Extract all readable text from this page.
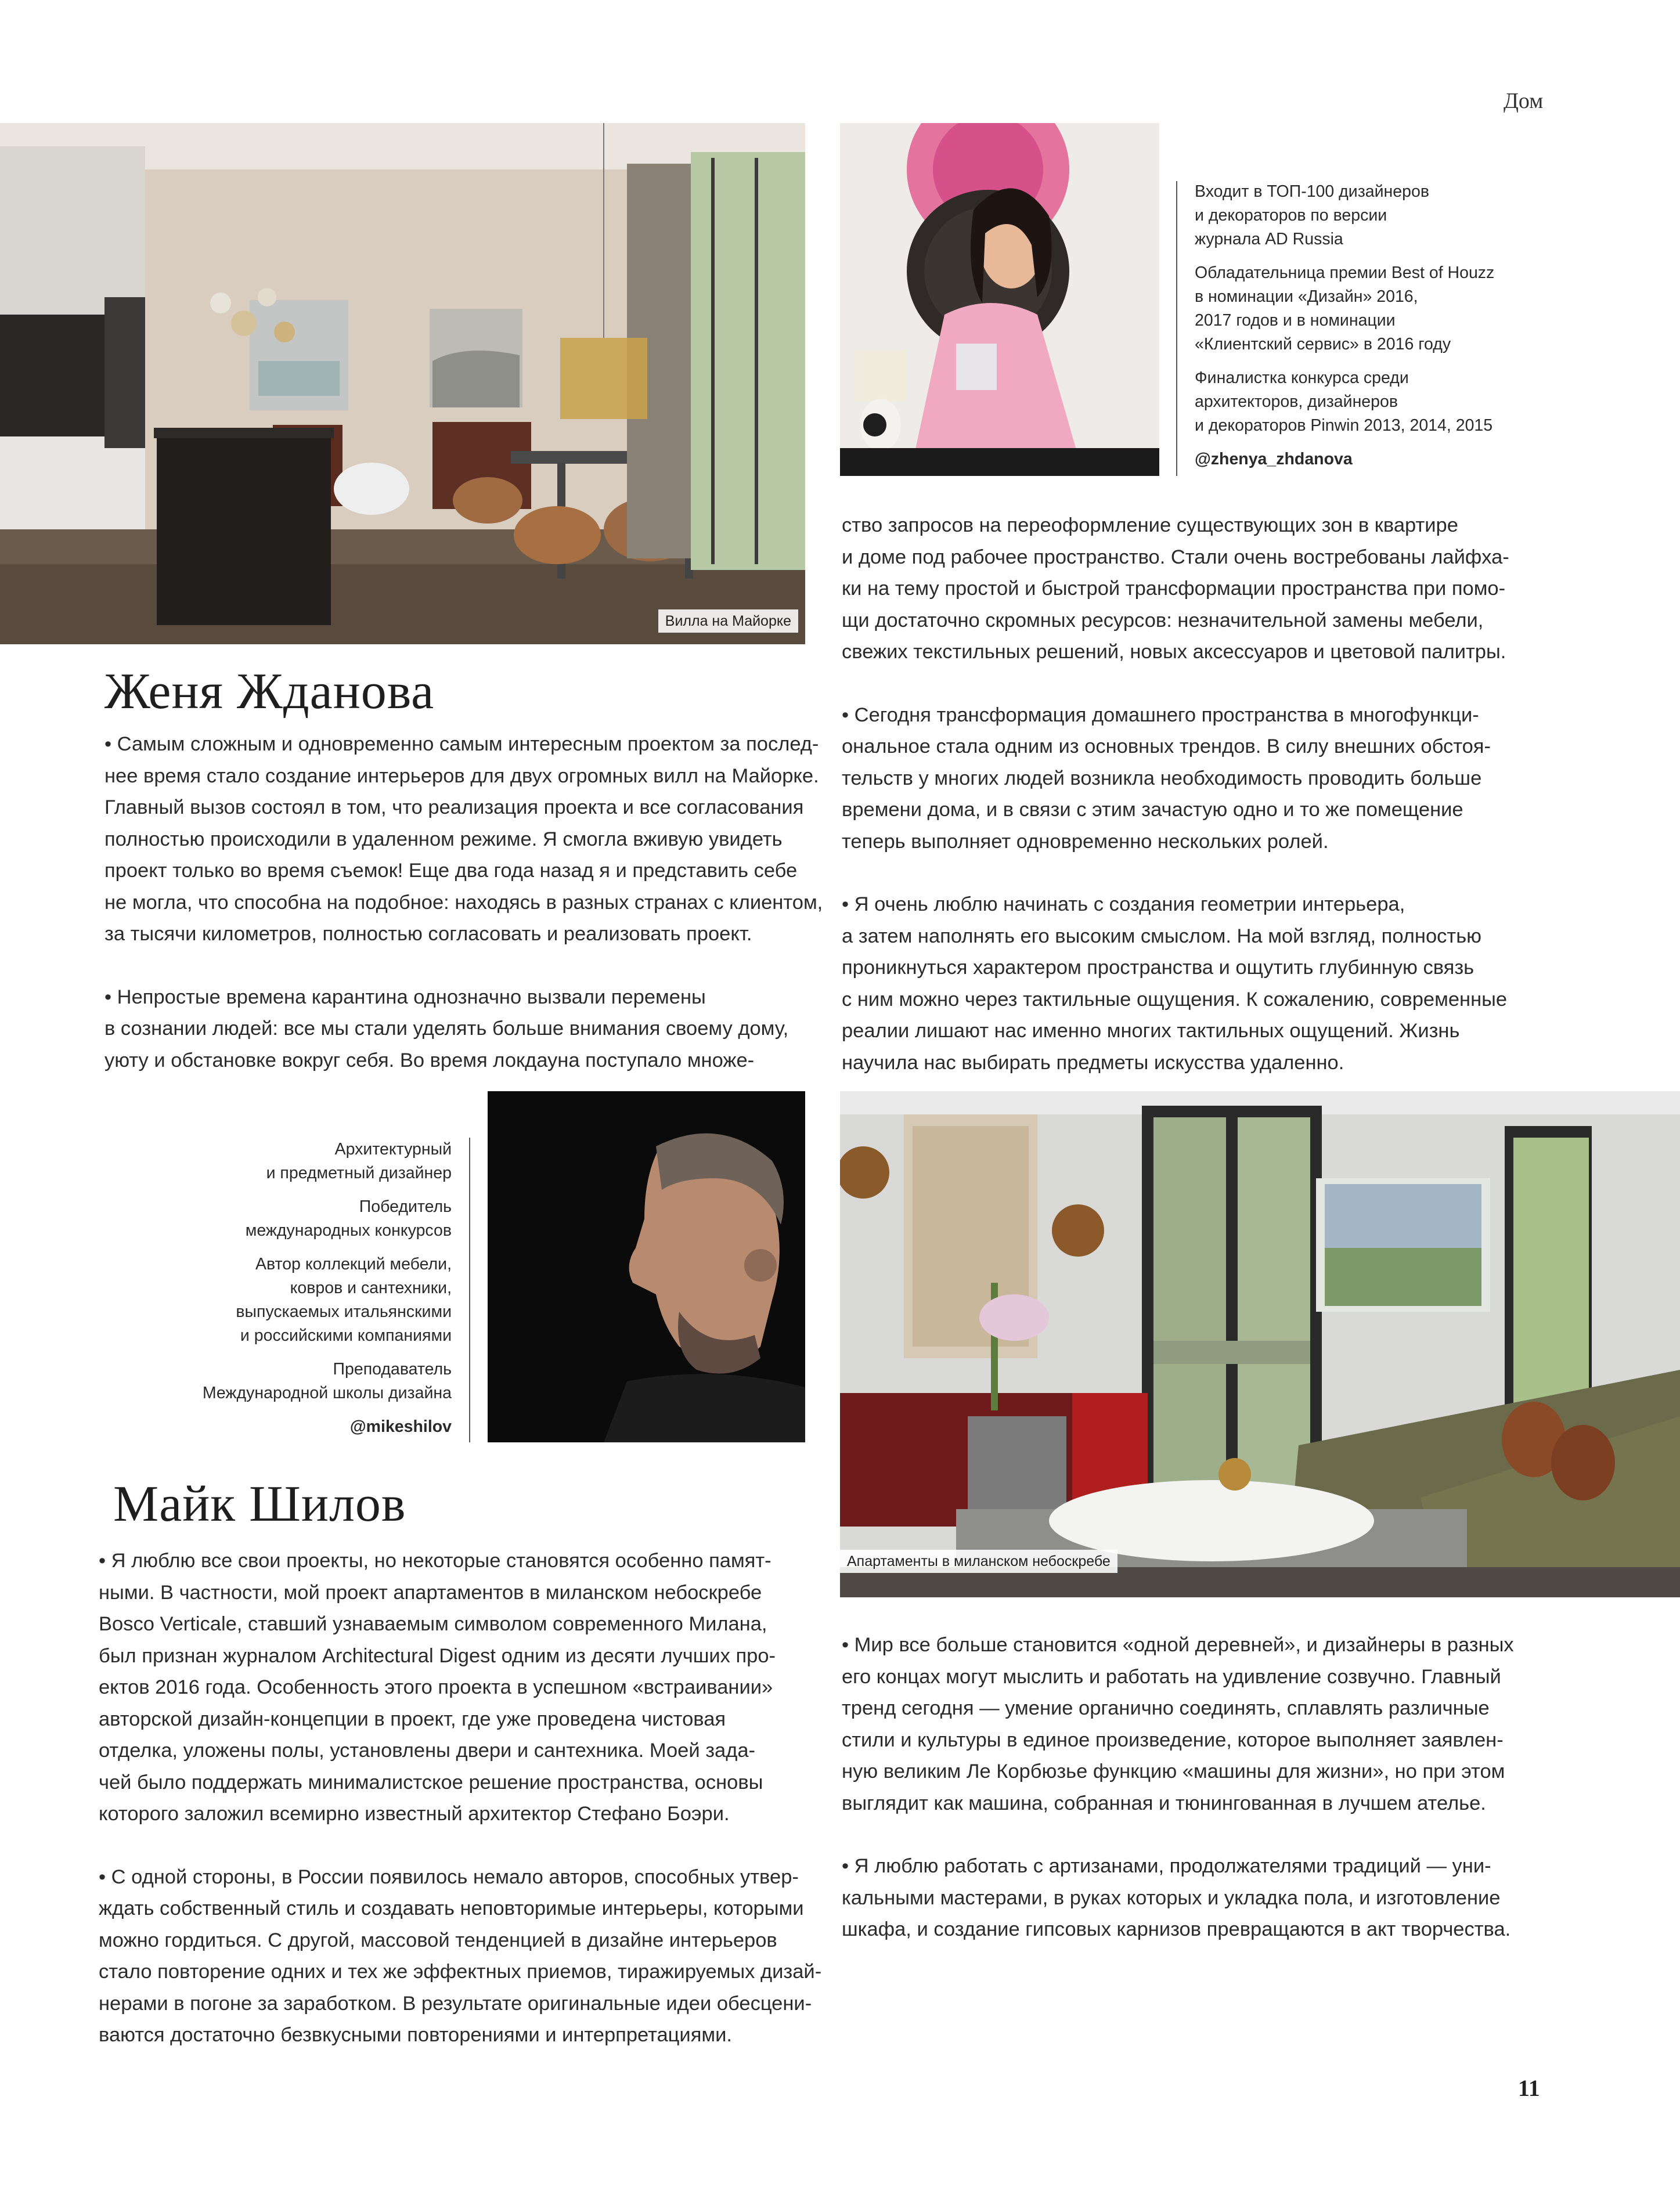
Дом
11
Вилла на Майорке
Входит в ТОП-100 дизайнеров
и декораторов по версии
журнала AD Russia
Обладательница премии Best of Houzz
в номинации «Дизайн» 2016,
2017 годов и в номинации
«Клиентский сервис» в 2016 году
Финалистка конкурса среди
архитекторов, дизайнеров
и декораторов Pinwin 2013, 2014, 2015
@zhenya_zhdanova
Женя Жданова

• Самым сложным и одновременно самым интересным проектом за послед-
нее время стало создание интерьеров для двух огромных вилл на Майорке.
Главный вызов состоял в том, что реализация проекта и все согласования
полностью происходили в удаленном режиме. Я смогла вживую увидеть
проект только во время съемок! Еще два года назад я и представить себе
не могла, что способна на подобное: находясь в разных странах с клиентом,
за тысячи километров, полностью согласовать и реализовать проект.

• Непростые времена карантина однозначно вызвали перемены
в сознании людей: все мы стали уделять больше внимания своему дому,
уюту и обстановке вокруг себя. Во время локдауна поступало множе-

ство запросов на переоформление существующих зон в квартире
и доме под рабочее пространство. Стали очень востребованы лайфха-
ки на тему простой и быстрой трансформации пространства при помо-
щи достаточно скромных ресурсов: незначительной замены мебели,
свежих текстильных решений, новых аксессуаров и цветовой палитры.

• Сегодня трансформация домашнего пространства в многофункци-
ональное стала одним из основных трендов. В силу внешних обстоя-
тельств у многих людей возникла необходимость проводить больше
времени дома, и в связи с этим зачастую одно и то же помещение
теперь выполняет одновременно нескольких ролей.

• Я очень люблю начинать с создания геометрии интерьера,
а затем наполнять его высоким смыслом. На мой взгляд, полностью
проникнуться характером пространства и ощутить глубинную связь
с ним можно через тактильные ощущения. К сожалению, современные
реалии лишают нас именно многих тактильных ощущений. Жизнь
научила нас выбирать предметы искусства удаленно.

Архитектурный
и предметный дизайнер
Победитель
международных конкурсов
Автор коллекций мебели,
ковров и сантехники,
выпускаемых итальянскими
и российскими компаниями
Преподаватель
Международной школы дизайна
@mikeshilov
Майк Шилов

• Я люблю все свои проекты, но некоторые становятся особенно памят-
ными. В частности, мой проект апартаментов в миланском небоскребе
Bosco Verticale, ставший узнаваемым символом современного Милана,
был признан журналом Architectural Digest одним из десяти лучших про-
ектов 2016 года. Особенность этого проекта в успешном «встраивании»
авторской дизайн-концепции в проект, где уже проведена чистовая
отделка, уложены полы, установлены двери и сантехника. Моей зада-
чей было поддержать минималистское решение пространства, основы
которого заложил всемирно известный архитектор Стефано Боэри.

• С одной стороны, в России появилось немало авторов, способных утвер-
ждать собственный стиль и создавать неповторимые интерьеры, которыми
можно гордиться. С другой, массовой тенденцией в дизайне интерьеров
стало повторение одних и тех же эффектных приемов, тиражируемых дизай-
нерами в погоне за заработком. В результате оригинальные идеи обесцени-
ваются достаточно безвкусными повторениями и интерпретациями.

Апартаменты в миланском небоскребе

• Мир все больше становится «одной деревней», и дизайнеры в разных
его концах могут мыслить и работать на удивление созвучно. Главный
тренд сегодня — умение органично соединять, сплавлять различные
стили и культуры в единое произведение, которое выполняет заявлен-
ную великим Ле Корбюзье функцию «машины для жизни», но при этом
выглядит как машина, собранная и тюнингованная в лучшем ателье.

• Я люблю работать с артизанами, продолжателями традиций — уни-
кальными мастерами, в руках которых и укладка пола, и изготовление
шкафа, и создание гипсовых карнизов превращаются в акт творчества.
